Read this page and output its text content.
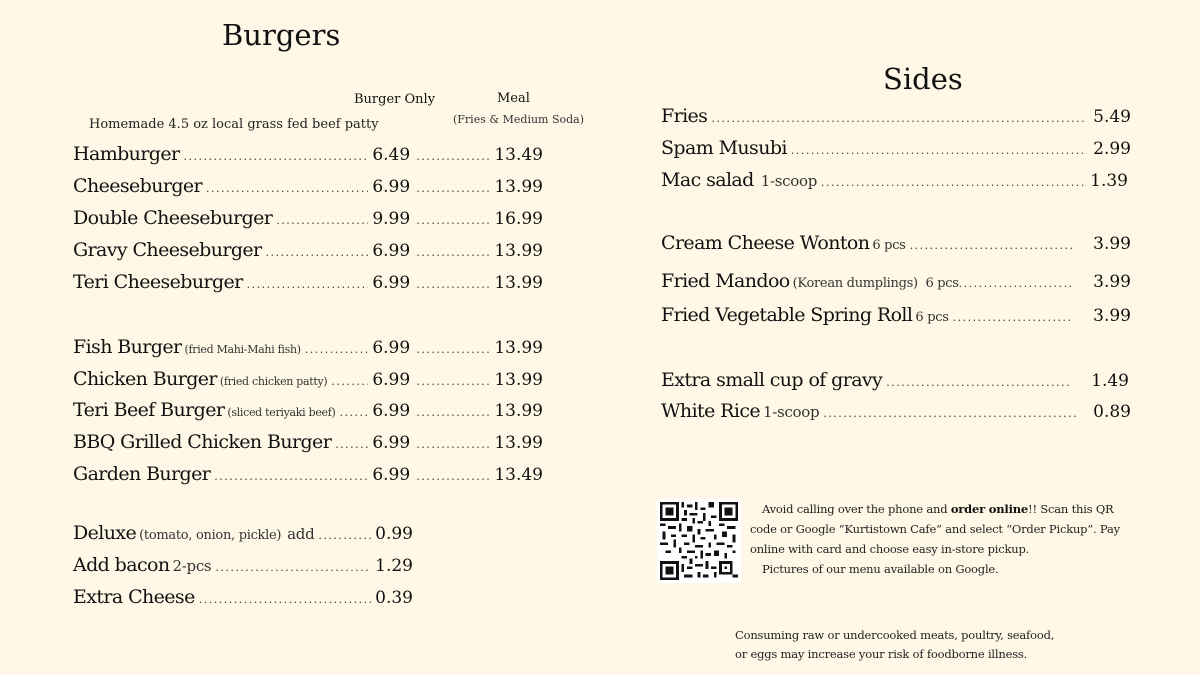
Burgers
Burger Only	Meal
(Fries & Medium Soda)
Homemade 4.5 oz local grass fed beef patty
Hamburger .....	6.49 .....	13.49
Cheeseburger .....	6.99 .....	13.99
Double Cheeseburger .....	9.99 .....	16.99
Gravy Cheeseburger .....	6.99 .....	13.99
Teri Cheeseburger .....	6.99 .....	13.99
Fish Burger (fried Mahi-Mahi fish) .....	6.99 .....	13.99
Chicken Burger (fried chicken patty) .....	6.99 .....	13.99
Teri Beef Burger (sliced teriyaki beef) ..... 6.99 .....	13.99
BBQ Grilled Chicken Burger ..... 6.99 .....	13.99
Garden Burger .....	6.99 .....	13.49
Deluxe (tomato, onion, pickle) add .....	0.99
Add bacon 2-pcs .....	1.29
Extra Cheese .....	0.39
Sides
Fries .....	5.49
Spam Musubi .....	2.99
Mac salad 1-scoop .....	1.39
Cream Cheese Wonton 6 pcs .....	3.99
Fried Mandoo (Korean dumplings)  6 pcs .....	3.99
Fried Vegetable Spring Roll 6 pcs .....	3.99
Extra small cup of gravy .....	1.49
White Rice 1-scoop .....	0.89
Avoid calling over the phone and order online!! Scan this QR code or Google “Kurtistown Cafe” and select “Order Pickup”. Pay online with card and choose easy in-store pickup.
Pictures of our menu available on Google.
Consuming raw or undercooked meats, poultry, seafood, or eggs may increase your risk of foodborne illness.
